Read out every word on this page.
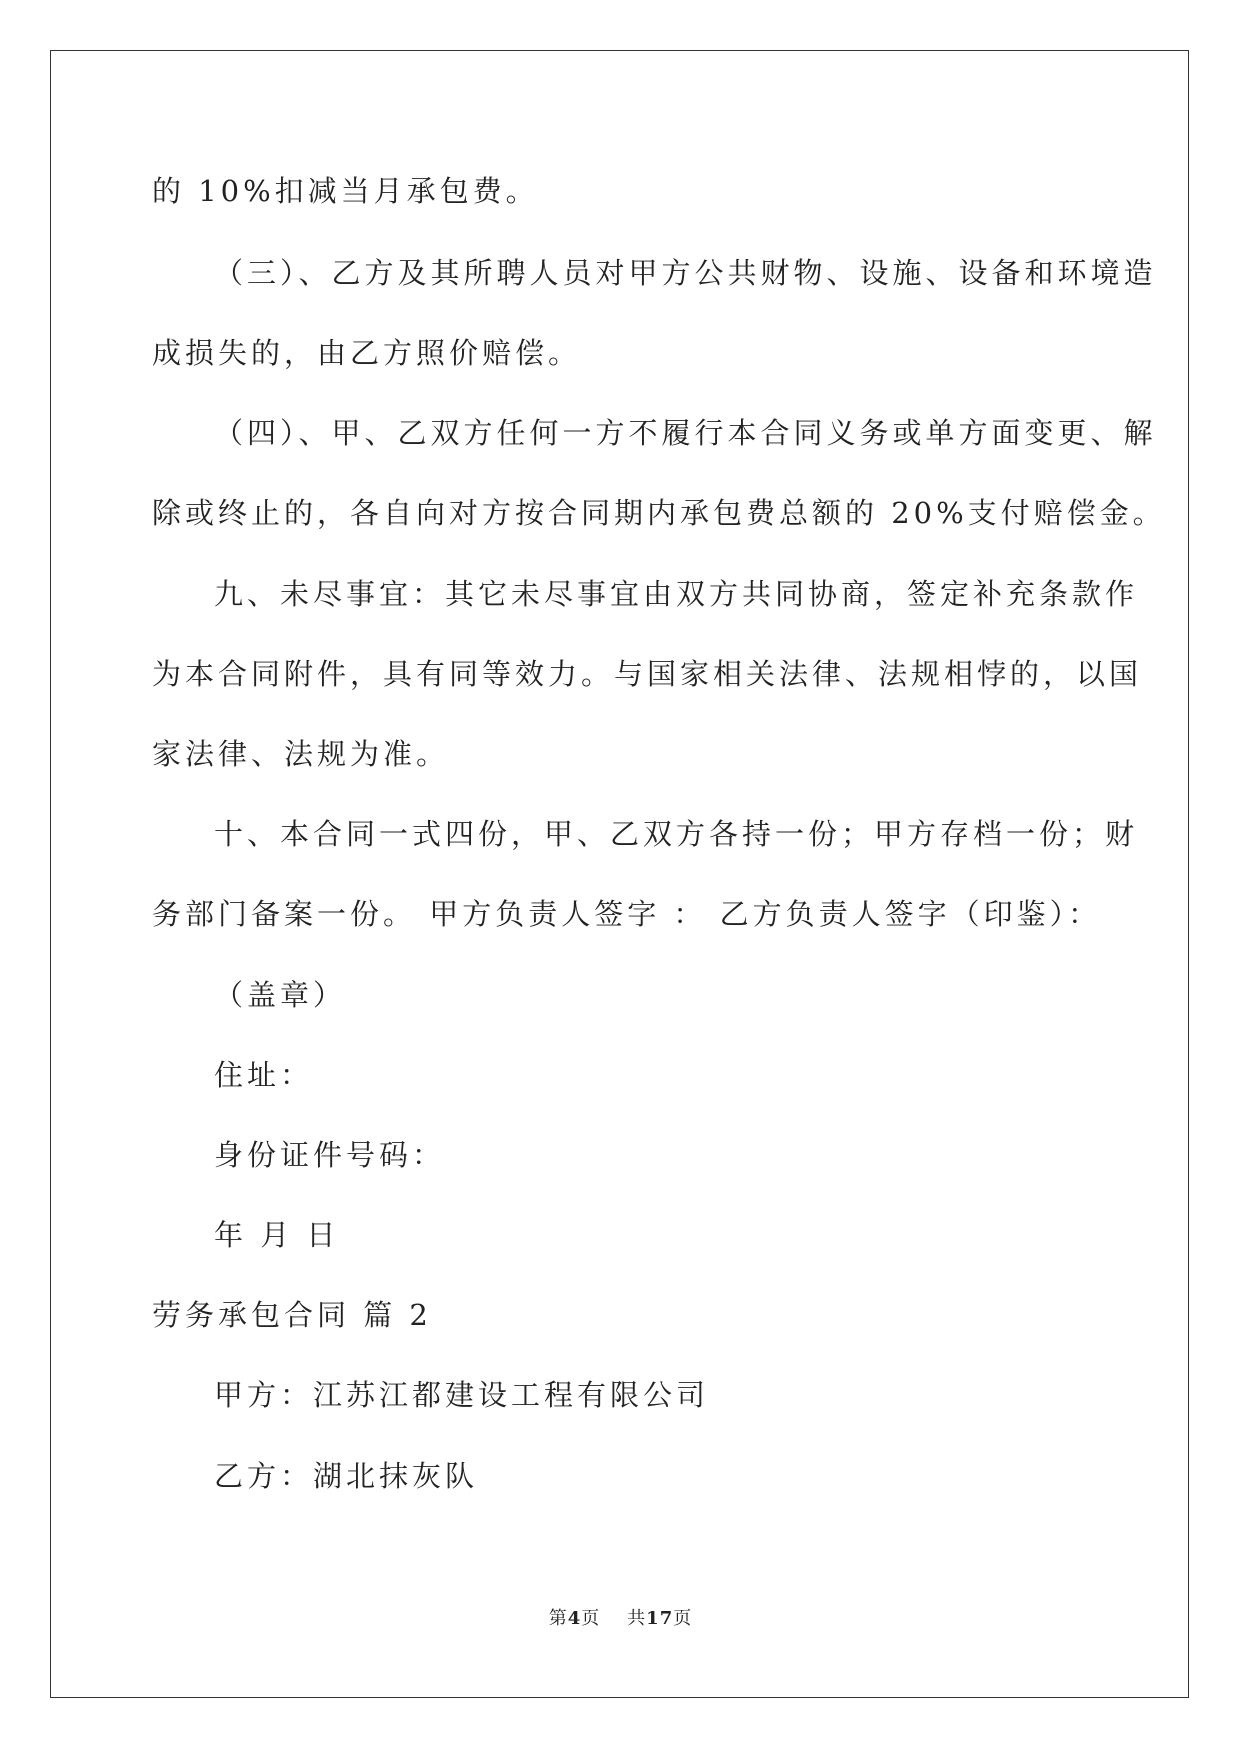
的 10%扣减当月承包费。
（三）、乙方及其所聘人员对甲方公共财物、设施、设备和环境造
成损失的，由乙方照价赔偿。
（四）、甲、乙双方任何一方不履行本合同义务或单方面变更、解
除或终止的，各自向对方按合同期内承包费总额的 20%支付赔偿金。
九、未尽事宜：其它未尽事宜由双方共同协商，签定补充条款作
为本合同附件，具有同等效力。与国家相关法律、法规相悖的，以国
家法律、法规为准。
十、本合同一式四份，甲、乙双方各持一份；甲方存档一份；财
务部门备案一份。 甲方负责人签字 ： 乙方负责人签字（印鉴）：
（盖章）
住址：
身份证件号码：
年 月 日
劳务承包合同 篇 2
甲方：江苏江都建设工程有限公司
乙方：湖北抹灰队
第4页 共17页
